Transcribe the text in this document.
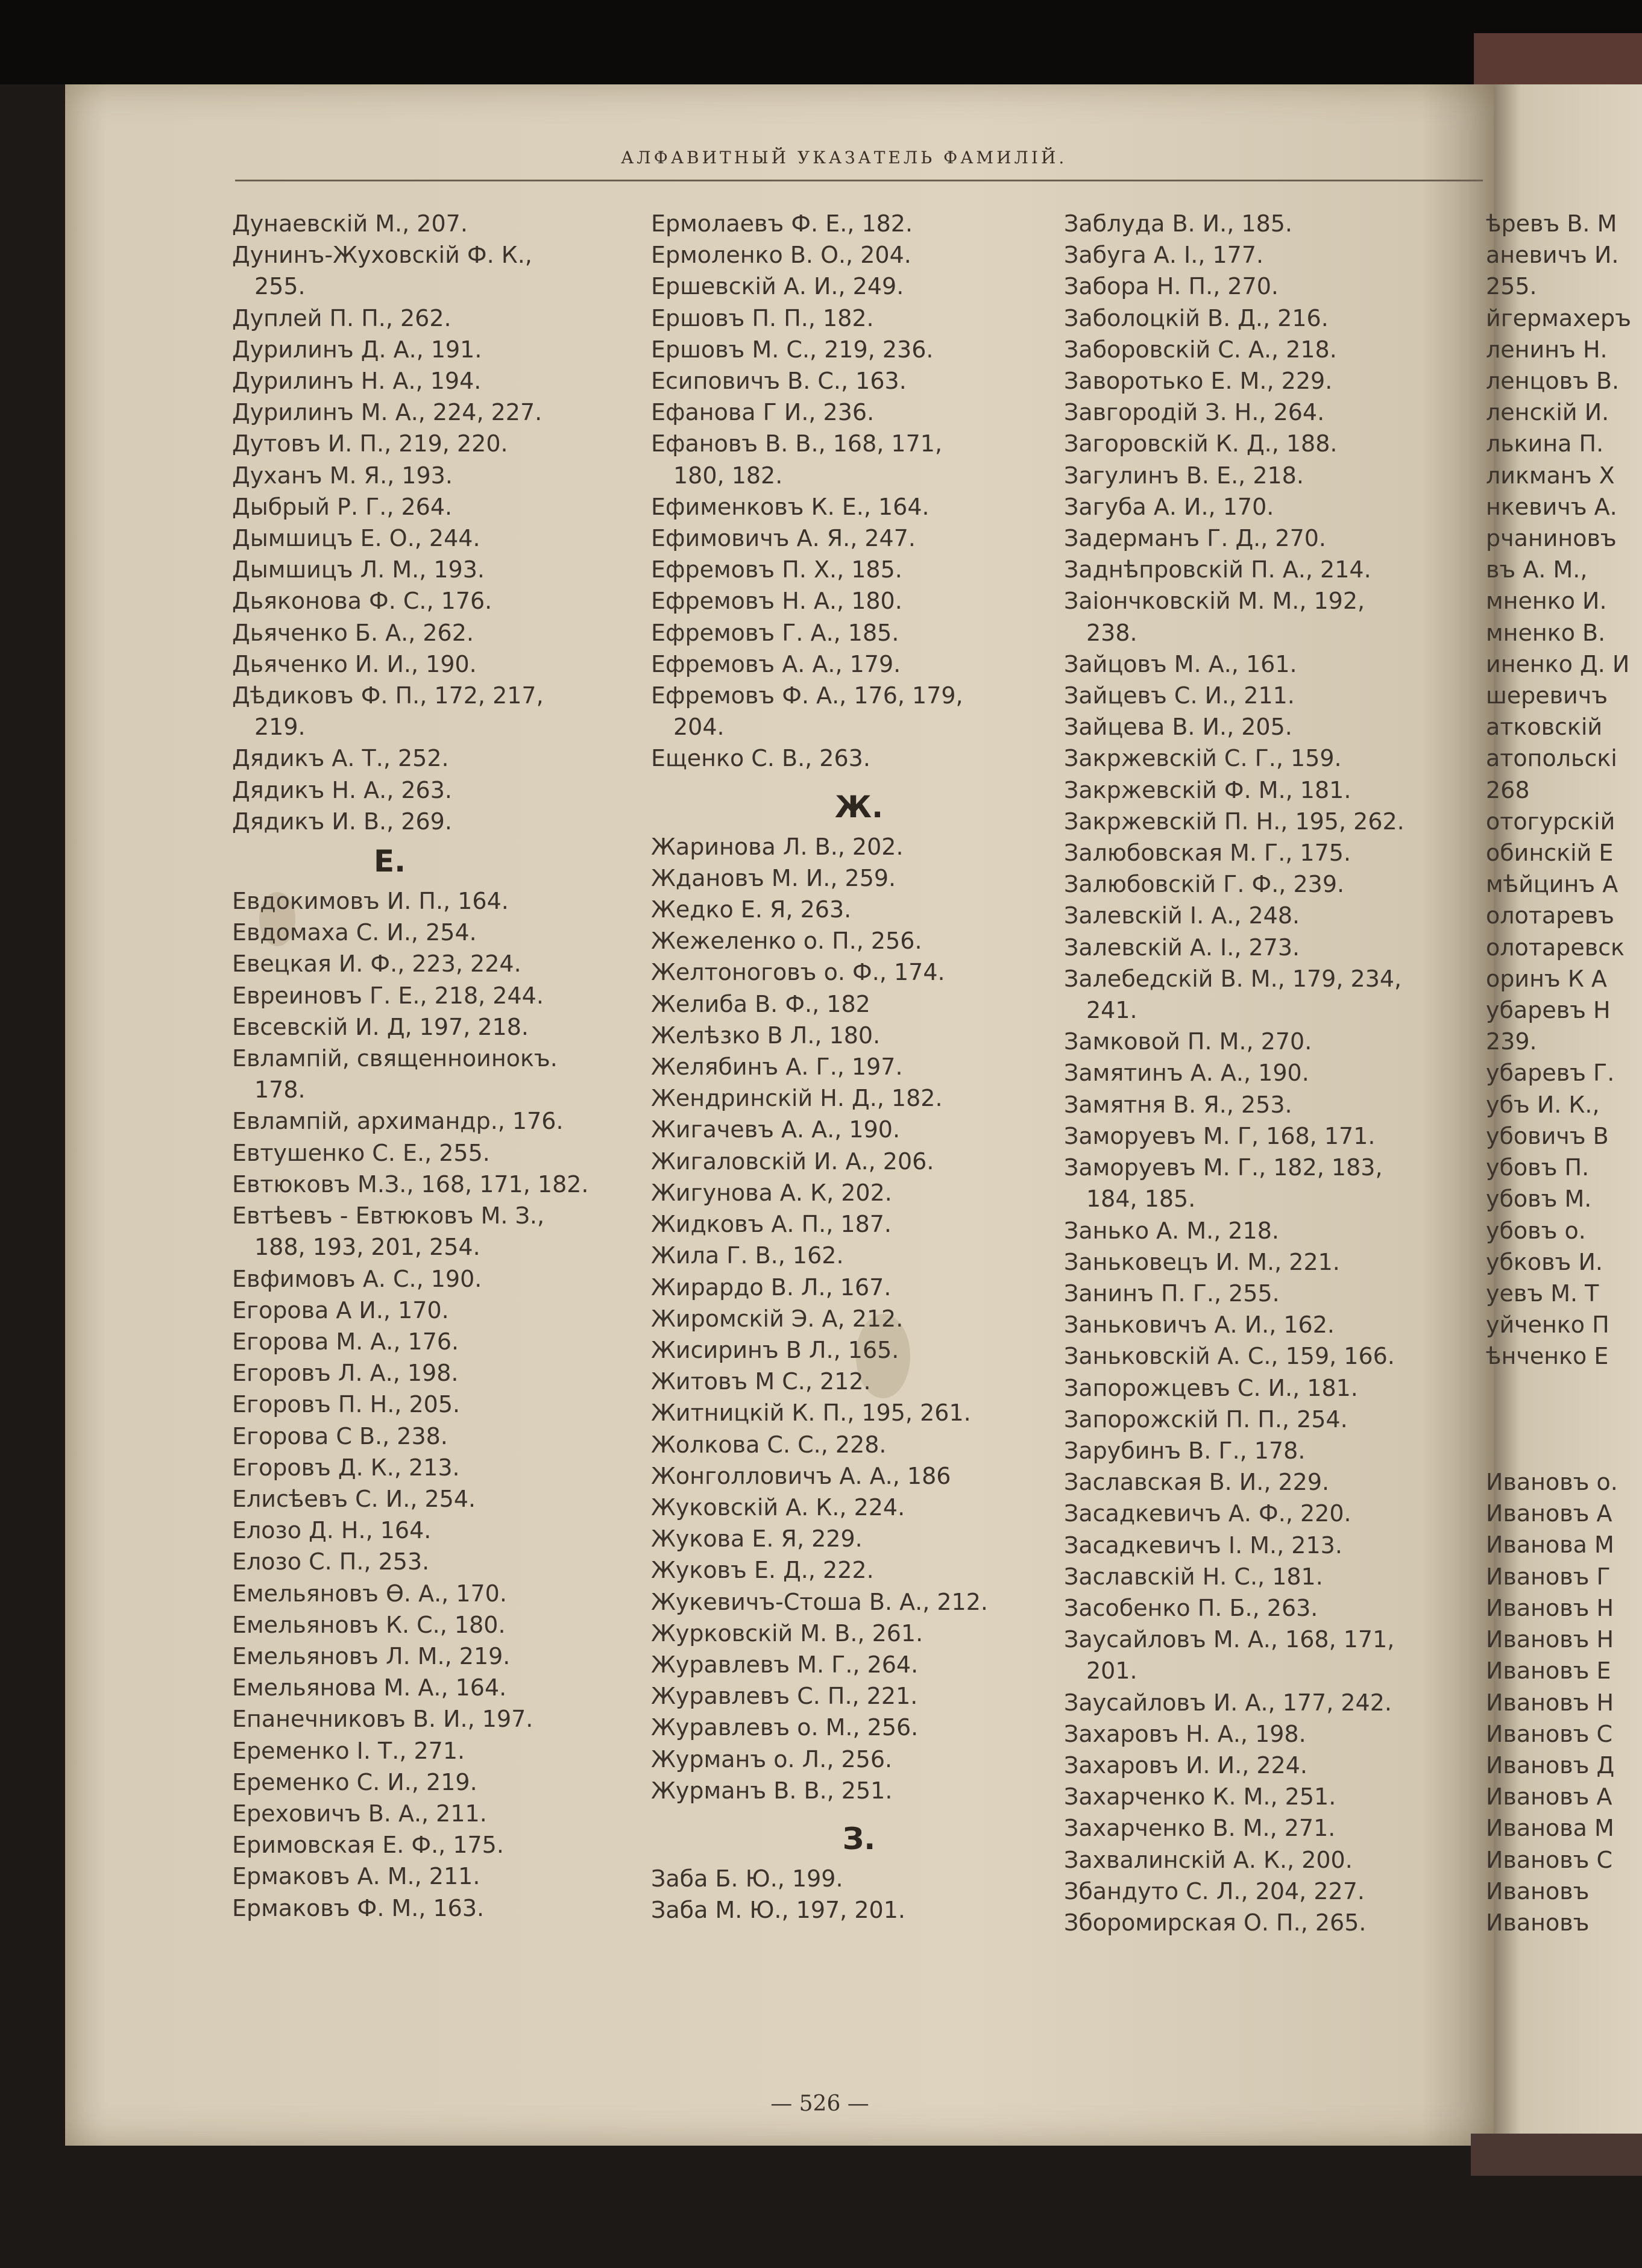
АЛФАВИТНЫЙ УКАЗАТЕЛЬ ФАМИЛІЙ.
Дунаевскій М., 207.
Дунинъ-Жуховскій Ф. К.,
255.
Дуплей П. П., 262.
Дурилинъ Д. А., 191.
Дурилинъ Н. А., 194.
Дурилинъ М. А., 224, 227.
Дутовъ И. П., 219, 220.
Духанъ М. Я., 193.
Дыбрый Р. Г., 264.
Дымшицъ Е. О., 244.
Дымшицъ Л. М., 193.
Дьяконова Ф. С., 176.
Дьяченко Б. А., 262.
Дьяченко И. И., 190.
Дѣдиковъ Ф. П., 172, 217,
219.
Дядикъ А. Т., 252.
Дядикъ Н. А., 263.
Дядикъ И. В., 269.
Е.
Евдокимовъ И. П., 164.
Евдомаха С. И., 254.
Евецкая И. Ф., 223, 224.
Евреиновъ Г. Е., 218, 244.
Евсевскій И. Д, 197, 218.
Евлампій, священноинокъ.
178.
Евлампій, архимандр., 176.
Евтушенко С. Е., 255.
Евтюковъ М.З., 168, 171, 182.
Евтѣевъ - Евтюковъ М. З.,
188, 193, 201, 254.
Евфимовъ А. С., 190.
Егорова А И., 170.
Егорова М. А., 176.
Егоровъ Л. А., 198.
Егоровъ П. Н., 205.
Егорова С В., 238.
Егоровъ Д. К., 213.
Елисѣевъ С. И., 254.
Елозо Д. Н., 164.
Елозо С. П., 253.
Емельяновъ Ѳ. А., 170.
Емельяновъ К. С., 180.
Емельяновъ Л. М., 219.
Емельянова М. А., 164.
Епанечниковъ В. И., 197.
Еременко І. Т., 271.
Еременко С. И., 219.
Ереховичъ В. А., 211.
Еримовская Е. Ф., 175.
Ермаковъ А. М., 211.
Ермаковъ Ф. М., 163.
Ермолаевъ Ф. Е., 182.
Ермоленко В. О., 204.
Ершевскій А. И., 249.
Ершовъ П. П., 182.
Ершовъ М. С., 219, 236.
Есиповичъ В. С., 163.
Ефанова Г И., 236.
Ефановъ В. В., 168, 171,
180, 182.
Ефименковъ К. Е., 164.
Ефимовичъ А. Я., 247.
Ефремовъ П. Х., 185.
Ефремовъ Н. А., 180.
Ефремовъ Г. А., 185.
Ефремовъ А. А., 179.
Ефремовъ Ф. А., 176, 179,
204.
Ещенко С. В., 263.
Ж.
Жаринова Л. В., 202.
Ждановъ М. И., 259.
Жедко Е. Я, 263.
Жежеленко о. П., 256.
Желтоноговъ о. Ф., 174.
Желиба В. Ф., 182
Желѣзко В Л., 180.
Желябинъ А. Г., 197.
Жендринскій Н. Д., 182.
Жигачевъ А. А., 190.
Жигаловскій И. А., 206.
Жигунова А. К, 202.
Жидковъ А. П., 187.
Жила Г. В., 162.
Жирардо В. Л., 167.
Жиромскій Э. А, 212.
Жисиринъ В Л., 165.
Житовъ М С., 212.
Житницкій К. П., 195, 261.
Жолкова С. С., 228.
Жонголловичъ А. А., 186
Жуковскій А. К., 224.
Жукова Е. Я, 229.
Жуковъ Е. Д., 222.
Жукевичъ-Стоша В. А., 212.
Журковскій М. В., 261.
Журавлевъ М. Г., 264.
Журавлевъ С. П., 221.
Журавлевъ о. М., 256.
Журманъ о. Л., 256.
Журманъ В. В., 251.
З.
Заба Б. Ю., 199.
Заба М. Ю., 197, 201.
Заблуда В. И., 185.
Забуга А. І., 177.
Забора Н. П., 270.
Заболоцкій В. Д., 216.
Заборовскій С. А., 218.
Заворотько Е. М., 229.
Завгородій З. Н., 264.
Загоровскій К. Д., 188.
Загулинъ В. Е., 218.
Загуба А. И., 170.
Задерманъ Г. Д., 270.
Заднѣпровскій П. А., 214.
Заіончковскій М. М., 192,
238.
Зайцовъ М. А., 161.
Зайцевъ С. И., 211.
Зайцева В. И., 205.
Закржевскій С. Г., 159.
Закржевскій Ф. М., 181.
Закржевскій П. Н., 195, 262.
Залюбовская М. Г., 175.
Залюбовскій Г. Ф., 239.
Залевскій І. А., 248.
Залевскій А. І., 273.
Залебедскій В. М., 179, 234,
241.
Замковой П. М., 270.
Замятинъ А. А., 190.
Замятня В. Я., 253.
Заморуевъ М. Г, 168, 171.
Заморуевъ М. Г., 182, 183,
184, 185.
Занько А. М., 218.
Заньковецъ И. М., 221.
Занинъ П. Г., 255.
Заньковичъ А. И., 162.
Заньковскій А. С., 159, 166.
Запорожцевъ С. И., 181.
Запорожскій П. П., 254.
Зарубинъ В. Г., 178.
Заславская В. И., 229.
Засадкевичъ А. Ф., 220.
Засадкевичъ І. М., 213.
Заславскій Н. С., 181.
Засобенко П. Б., 263.
Заусайловъ М. А., 168, 171,
201.
Заусайловъ И. А., 177, 242.
Захаровъ Н. А., 198.
Захаровъ И. И., 224.
Захарченко К. М., 251.
Захарченко В. М., 271.
Захвалинскій А. К., 200.
Збандуто С. Л., 204, 227.
Зборомирская О. П., 265.
ѣревъ В. М
аневичъ И.
255.
йгермахеръ
ленинъ Н.
ленцовъ В.
ленскій И.
лькина П.
ликманъ Х
нкевичъ А.
рчаниновъ
въ А. М.,
мненко И.
мненко В.
иненко Д. И
шеревичъ
атковскій
атопольскі
268
отогурскій
обинскій Е
мѣйцинъ А
олотаревъ
олотаревск
оринъ К А
убаревъ Н
239.
убаревъ Г.
убъ И. К.,
убовичъ В
убовъ П.
убовъ М.
убовъ о.
убковъ И.
уевъ М. Т
уйченко П
ѣнченко Е
Ивановъ о.
Ивановъ А
Иванова М
Ивановъ Г
Ивановъ Н
Ивановъ Н
Ивановъ Е
Ивановъ Н
Ивановъ С
Ивановъ Д
Ивановъ А
Иванова М
Ивановъ С
Ивановъ
Ивановъ
— 526 —
